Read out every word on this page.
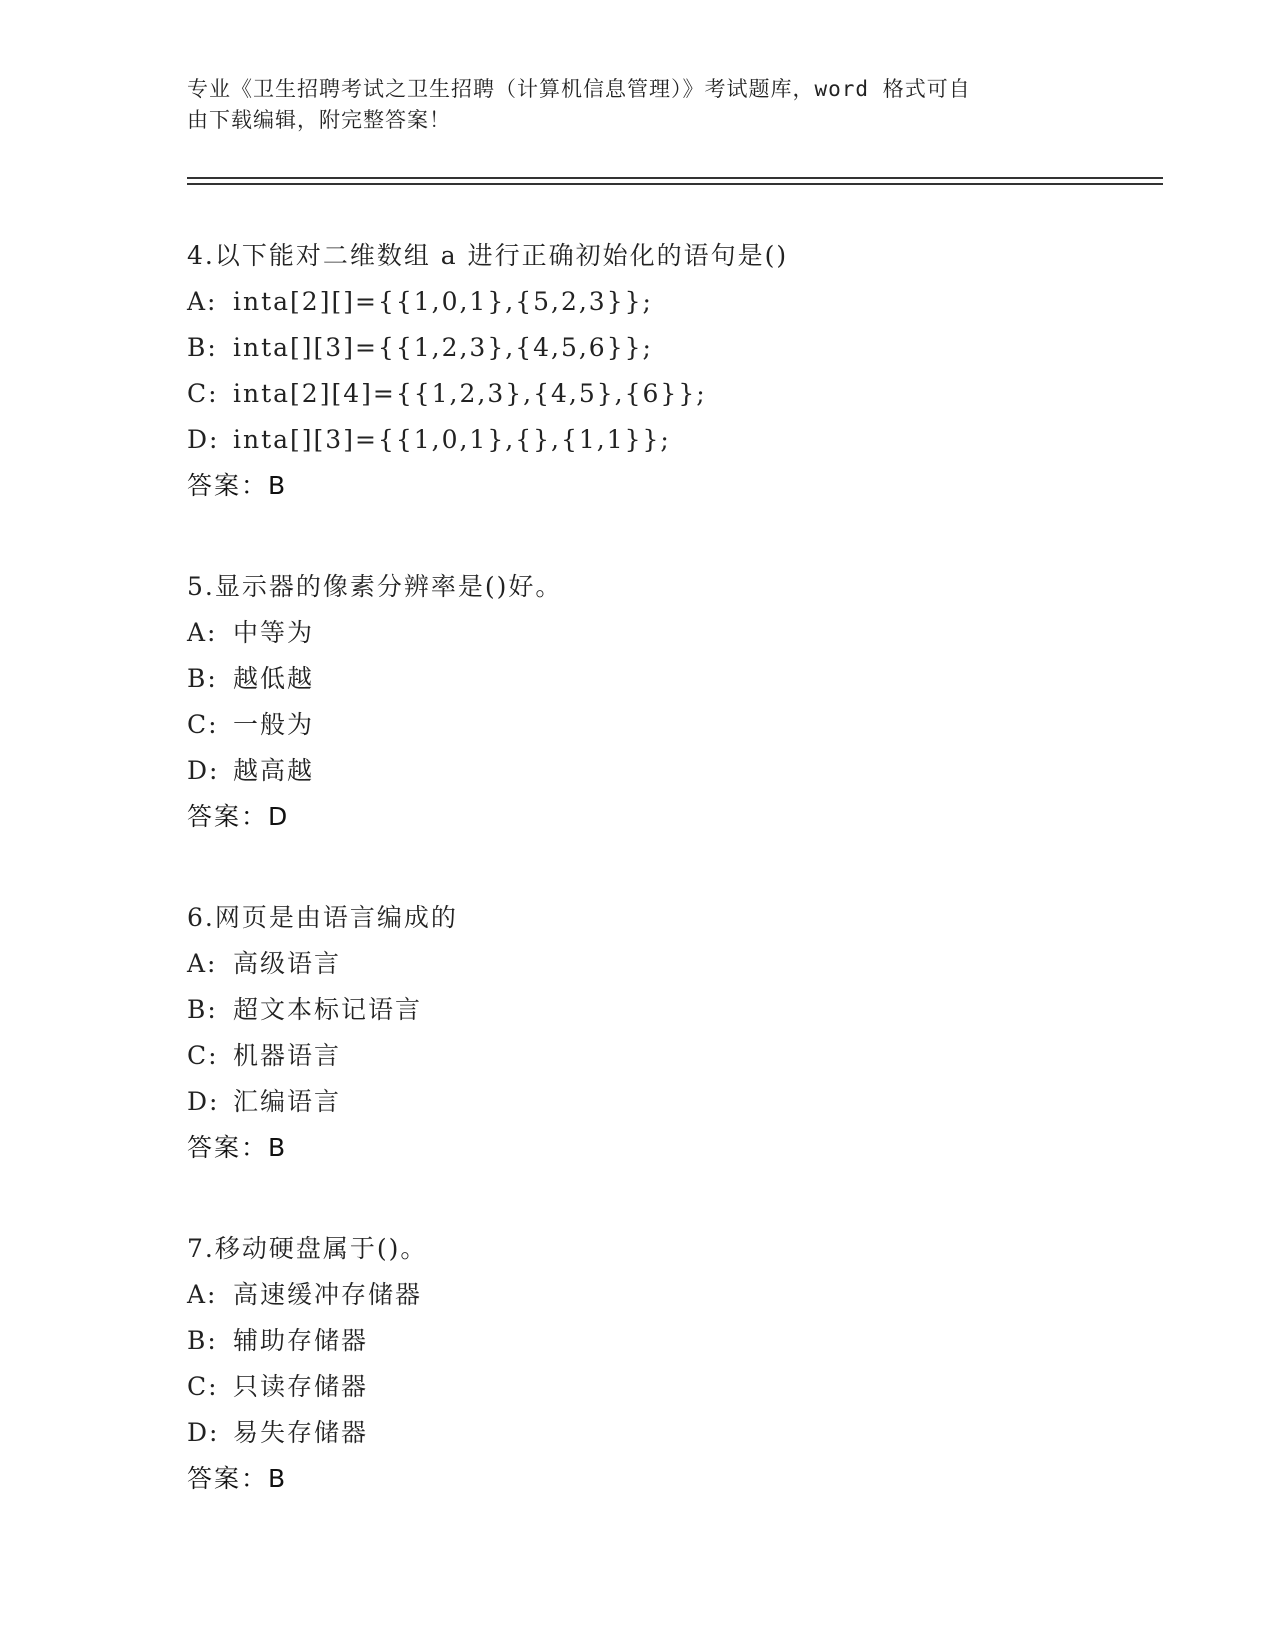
专业《卫生招聘考试之卫生招聘（计算机信息管理）》考试题库，word 格式可自
由下载编辑，附完整答案！
4.以下能对二维数组 a 进行正确初始化的语句是()
A: inta[2][]={{1,0,1},{5,2,3}};
B: inta[][3]={{1,2,3},{4,5,6}};
C: inta[2][4]={{1,2,3},{4,5},{6}};
D: inta[][3]={{1,0,1},{},{1,1}};
答案：B
5.显示器的像素分辨率是()好。
A: 中等为
B: 越低越
C: 一般为
D: 越高越
答案：D
6.网页是由语言编成的
A: 高级语言
B: 超文本标记语言
C: 机器语言
D: 汇编语言
答案：B
7.移动硬盘属于()。
A: 高速缓冲存储器
B: 辅助存储器
C: 只读存储器
D: 易失存储器
答案：B
